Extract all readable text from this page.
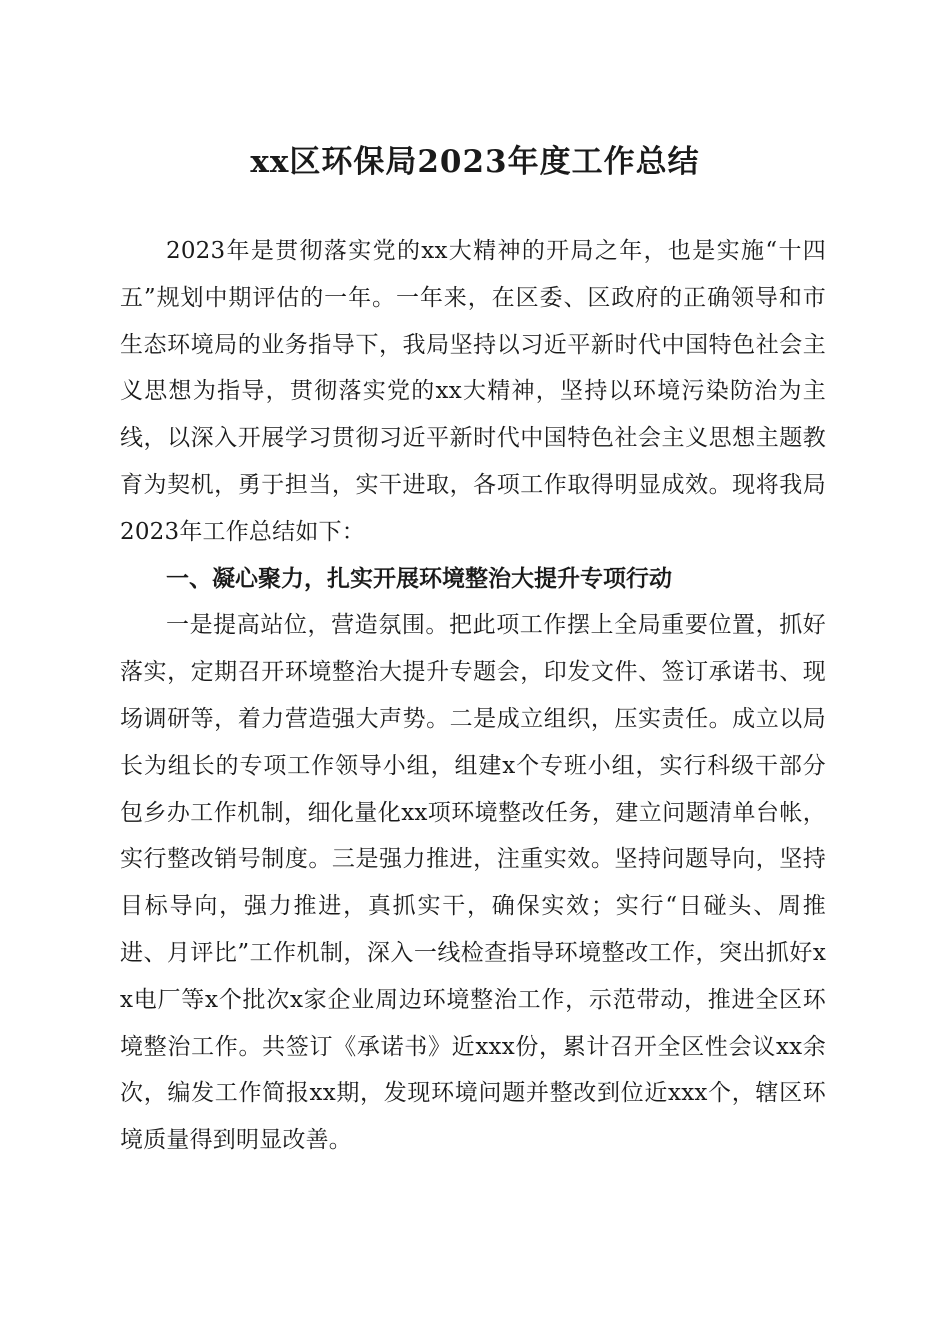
xx区环保局2023年度工作总结

2023年是贯彻落实党的xx大精神的开局之年，也是实施“十四五”规划中期评估的一年。一年来，在区委、区政府的正确领导和市生态环境局的业务指导下，我局坚持以习近平新时代中国特色社会主义思想为指导，贯彻落实党的xx大精神，坚持以环境污染防治为主线，以深入开展学习贯彻习近平新时代中国特色社会主义思想主题教育为契机，勇于担当，实干进取，各项工作取得明显成效。现将我局2023年工作总结如下：

一、凝心聚力，扎实开展环境整治大提升专项行动

一是提高站位，营造氛围。把此项工作摆上全局重要位置，抓好落实，定期召开环境整治大提升专题会，印发文件、签订承诺书、现场调研等，着力营造强大声势。二是成立组织，压实责任。成立以局长为组长的专项工作领导小组，组建x个专班小组，实行科级干部分包乡办工作机制，细化量化xx项环境整改任务，建立问题清单台帐，实行整改销号制度。三是强力推进，注重实效。坚持问题导向，坚持目标导向，强力推进，真抓实干，确保实效；实行“日碰头、周推进、月评比”工作机制，深入一线检查指导环境整改工作，突出抓好xx电厂等x个批次x家企业周边环境整治工作，示范带动，推进全区环境整治工作。共签订《承诺书》近xxx份，累计召开全区性会议xx余次，编发工作简报xx期，发现环境问题并整改到位近xxx个，辖区环境质量得到明显改善。
